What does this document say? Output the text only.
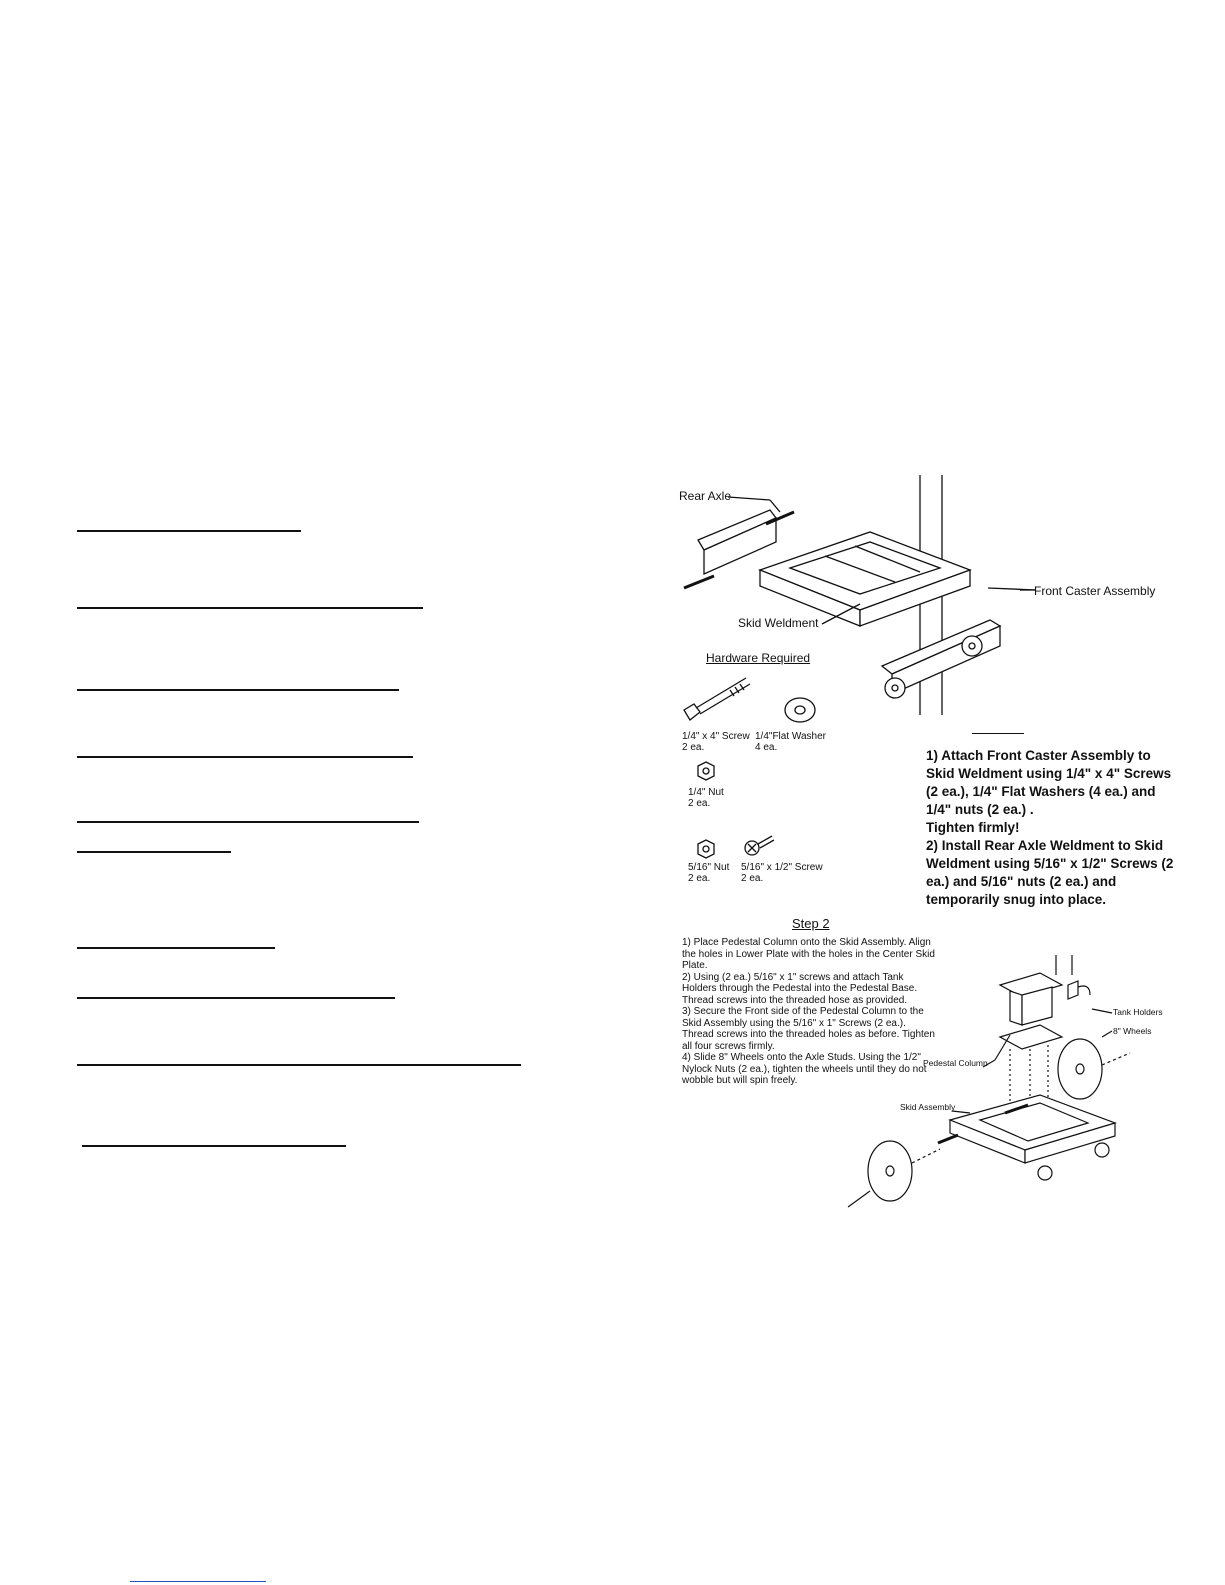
Rear Axle
Skid Weldment
Front Caster Assembly
Hardware Required
1/4" x 4" Screw
2 ea.
1/4"Flat Washer
4 ea.
1/4" Nut
2 ea.
5/16" Nut
2 ea.
5/16" x 1/2" Screw
2 ea.
1) Attach Front Caster Assembly to
Skid Weldment using 1/4" x 4" Screws
(2 ea.), 1/4" Flat Washers (4 ea.) and
1/4" nuts (2 ea.) .
Tighten firmly!
2) Install Rear Axle Weldment to Skid
Weldment using 5/16" x 1/2" Screws (2
ea.) and 5/16" nuts (2 ea.) and
temporarily snug into place.
Step 2
1) Place Pedestal Column onto the Skid Assembly. Align
the holes in Lower Plate with the holes in the Center Skid
Plate.
2) Using (2 ea.) 5/16" x 1" screws and attach Tank
Holders through the Pedestal into the Pedestal Base.
Thread screws into the threaded hose as provided.
3) Secure the Front side of the Pedestal Column to the
Skid Assembly using the 5/16" x 1" Screws (2 ea.).
Thread screws into the threaded holes as before. Tighten
all four screws firmly.
4) Slide 8" Wheels onto the Axle Studs. Using the 1/2"
Nylock Nuts (2 ea.), tighten the wheels until they do not
wobble but will spin freely.
Tank Holders
8" Wheels
Pedestal Column
Skid Assembly
